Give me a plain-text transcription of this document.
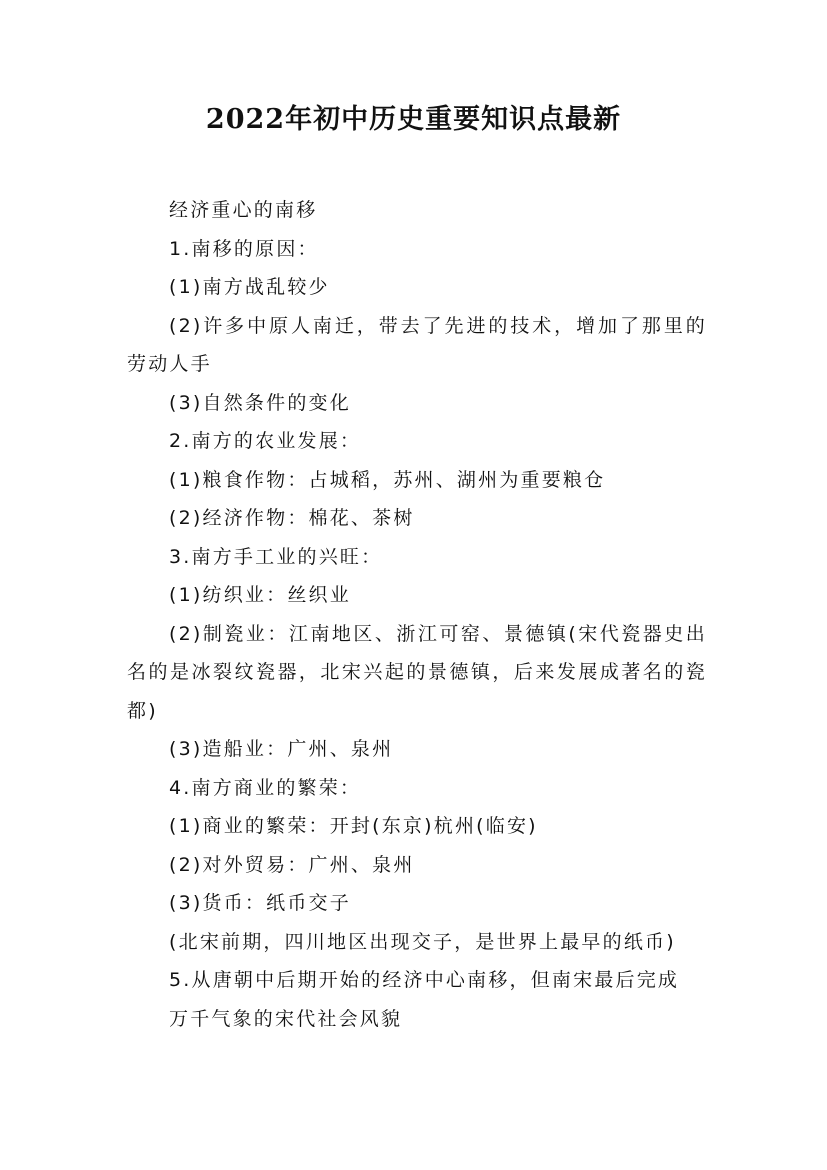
2022年初中历史重要知识点最新

经济重心的南移

1.南移的原因：

(1)南方战乱较少

(2)许多中原人南迁，带去了先进的技术，增加了那里的劳动人手

(3)自然条件的变化

2.南方的农业发展：

(1)粮食作物：占城稻，苏州、湖州为重要粮仓

(2)经济作物：棉花、茶树

3.南方手工业的兴旺：

(1)纺织业：丝织业

(2)制瓷业：江南地区、浙江可窑、景德镇(宋代瓷器史出名的是冰裂纹瓷器，北宋兴起的景德镇，后来发展成著名的瓷都)

(3)造船业：广州、泉州

4.南方商业的繁荣：

(1)商业的繁荣：开封(东京)杭州(临安)

(2)对外贸易：广州、泉州

(3)货币：纸币交子

(北宋前期，四川地区出现交子，是世界上最早的纸币)

5.从唐朝中后期开始的经济中心南移，但南宋最后完成

万千气象的宋代社会风貌
